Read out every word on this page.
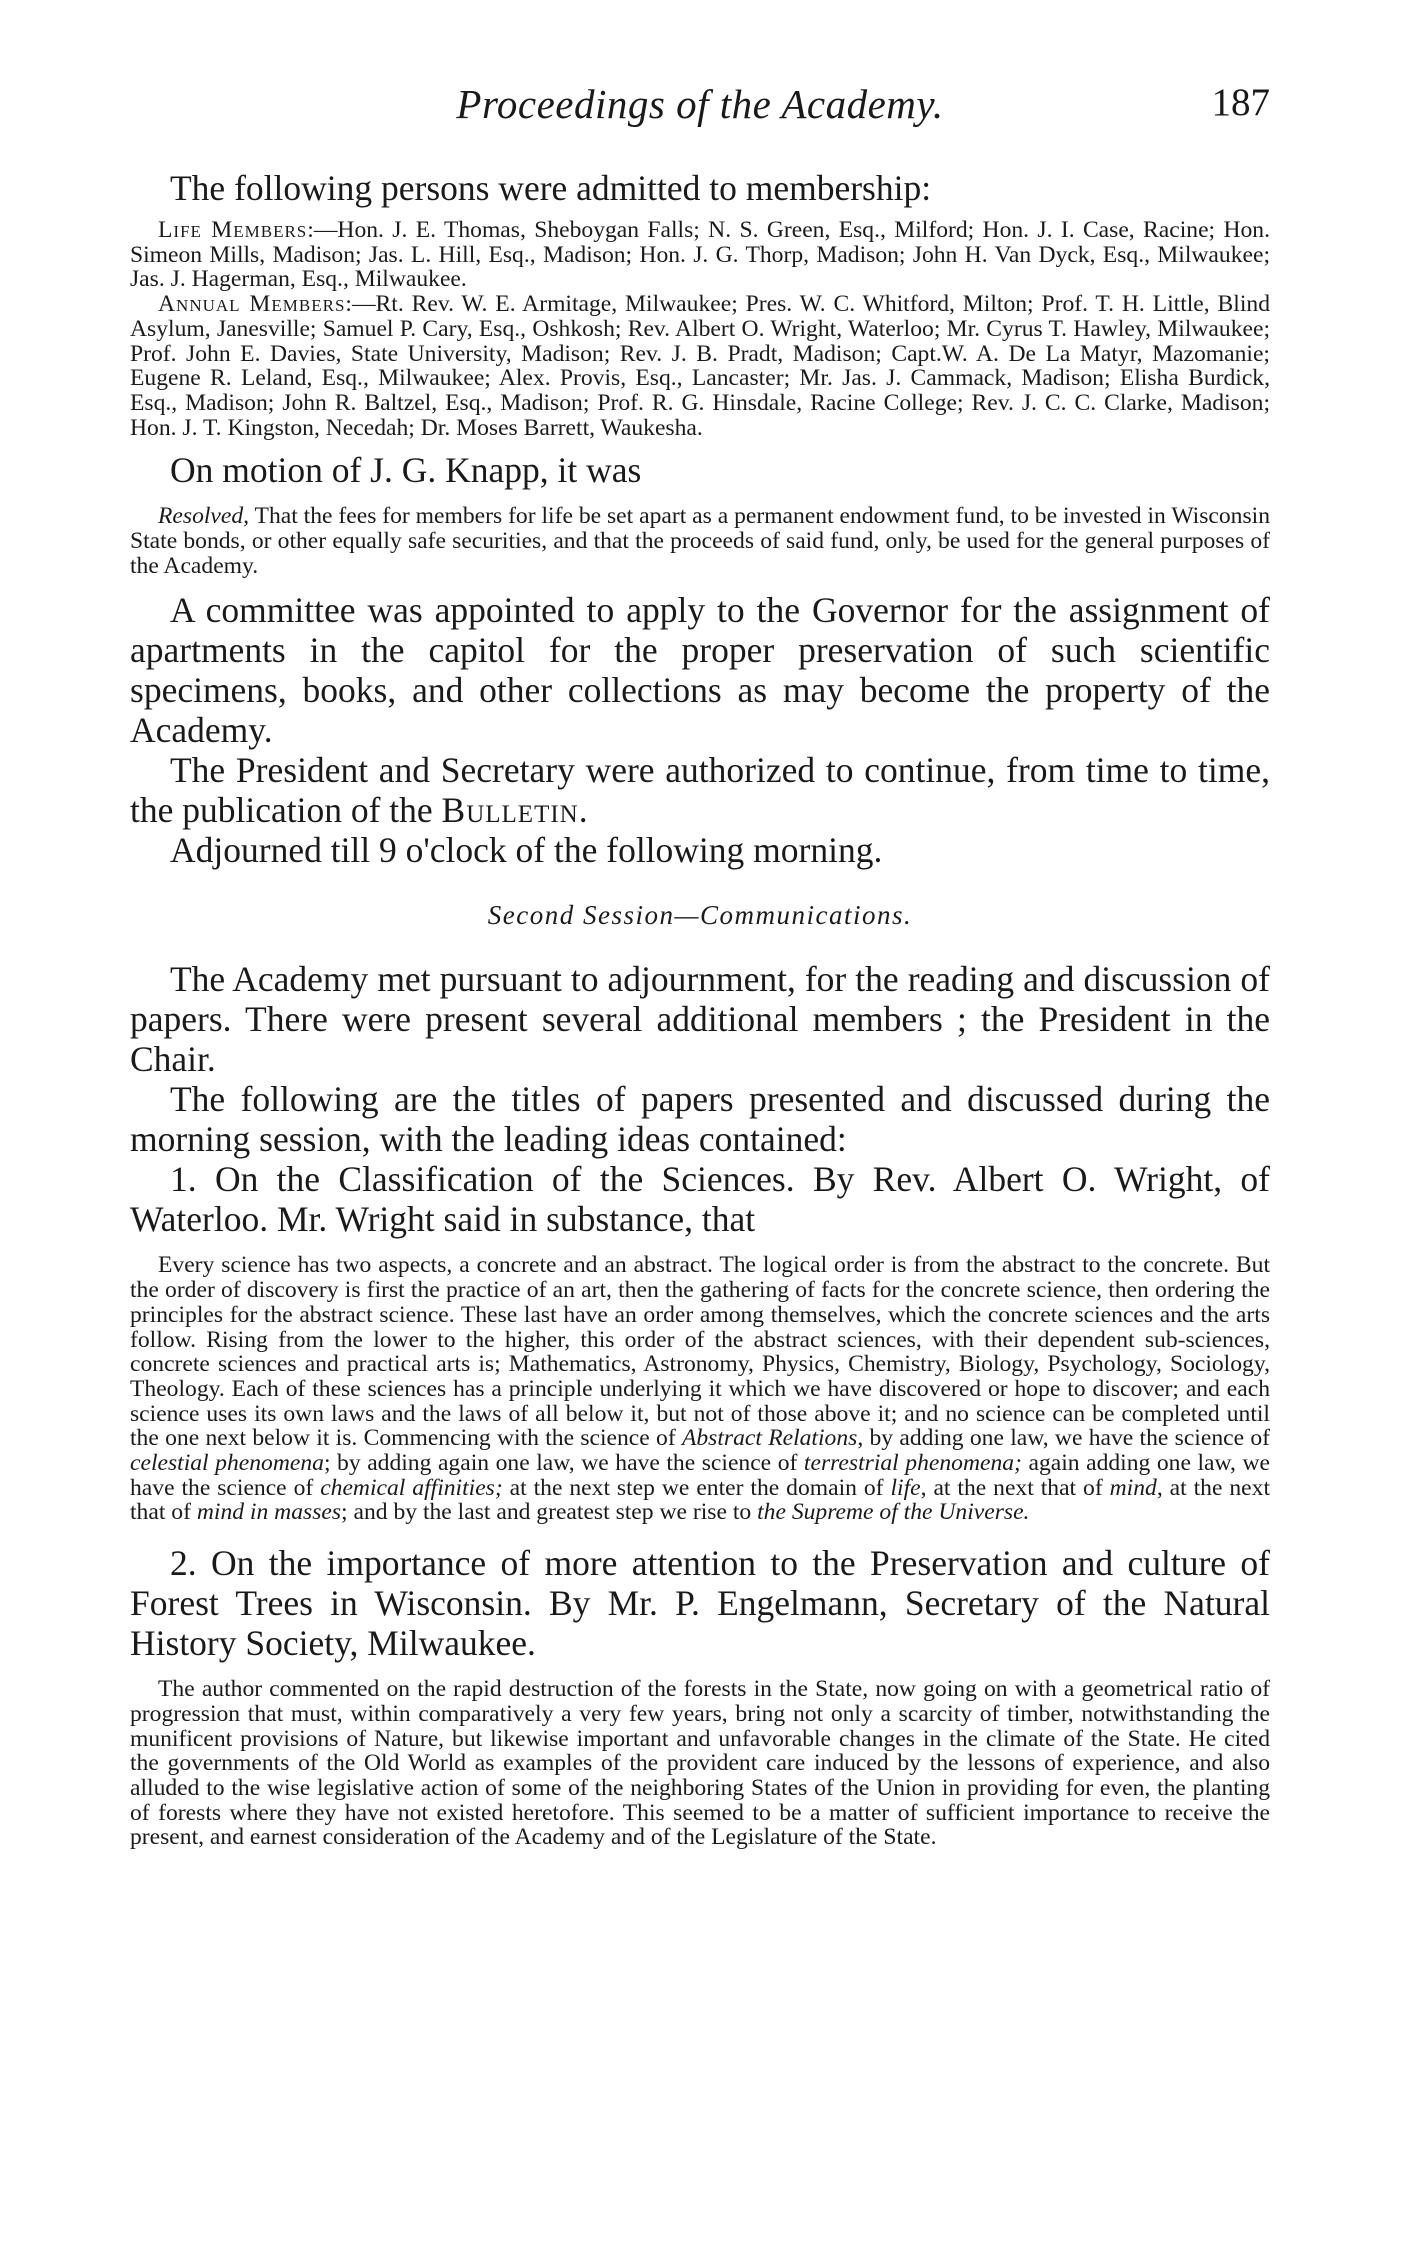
Proceedings of the Academy.	187

The following persons were admitted to membership:

Life Members:—Hon. J. E. Thomas, Sheboygan Falls; N. S. Green, Esq., Milford; Hon. J. I. Case, Racine; Hon. Simeon Mills, Madison; Jas. L. Hill, Esq., Madison; Hon. J. G. Thorp, Madison; John H. Van Dyck, Esq., Milwaukee; Jas. J. Hagerman, Esq., Milwaukee.

Annual Members:—Rt. Rev. W. E. Armitage, Milwaukee; Pres. W. C. Whitford, Milton; Prof. T. H. Little, Blind Asylum, Janesville; Samuel P. Cary, Esq., Oshkosh; Rev. Albert O. Wright, Waterloo; Mr. Cyrus T. Hawley, Milwaukee; Prof. John E. Davies, State University, Madison; Rev. J. B. Pradt, Madison; Capt.W. A. De La Matyr, Mazomanie; Eugene R. Leland, Esq., Milwaukee; Alex. Provis, Esq., Lancaster; Mr. Jas. J. Cammack, Madison; Elisha Burdick, Esq., Madison; John R. Baltzel, Esq., Madison; Prof. R. G. Hinsdale, Racine College; Rev. J. C. C. Clarke, Madison; Hon. J. T. Kingston, Necedah; Dr. Moses Barrett, Waukesha.

On motion of J. G. Knapp, it was

Resolved, That the fees for members for life be set apart as a permanent endowment fund, to be invested in Wisconsin State bonds, or other equally safe securities, and that the proceeds of said fund, only, be used for the general purposes of the Academy.

A committee was appointed to apply to the Governor for the assignment of apartments in the capitol for the proper preservation of such scientific specimens, books, and other collections as may become the property of the Academy.

The President and Secretary were authorized to continue, from time to time, the publication of the Bulletin.

Adjourned till 9 o'clock of the following morning.

Second Session—Communications.

The Academy met pursuant to adjournment, for the reading and discussion of papers. There were present several additional members ; the President in the Chair.

The following are the titles of papers presented and discussed during the morning session, with the leading ideas contained:

1. On the Classification of the Sciences. By Rev. Albert O. Wright, of Waterloo. Mr. Wright said in substance, that

Every science has two aspects, a concrete and an abstract. The logical order is from the abstract to the concrete. But the order of discovery is first the practice of an art, then the gathering of facts for the concrete science, then ordering the principles for the abstract science. These last have an order among themselves, which the concrete sciences and the arts follow. Rising from the lower to the higher, this order of the abstract sciences, with their dependent sub-sciences, concrete sciences and practical arts is; Mathematics, Astronomy, Physics, Chemistry, Biology, Psychology, Sociology, Theology. Each of these sciences has a principle underlying it which we have discovered or hope to discover; and each science uses its own laws and the laws of all below it, but not of those above it; and no science can be completed until the one next below it is. Commencing with the science of Abstract Relations, by adding one law, we have the science of celestial phenomena; by adding again one law, we have the science of terrestrial phenomena; again adding one law, we have the science of chemical affinities; at the next step we enter the domain of life, at the next that of mind, at the next that of mind in masses; and by the last and greatest step we rise to the Supreme of the Universe.

2. On the importance of more attention to the Preservation and culture of Forest Trees in Wisconsin. By Mr. P. Engelmann, Secretary of the Natural History Society, Milwaukee.

The author commented on the rapid destruction of the forests in the State, now going on with a geometrical ratio of progression that must, within comparatively a very few years, bring not only a scarcity of timber, notwithstanding the munificent provisions of Nature, but likewise important and unfavorable changes in the climate of the State. He cited the governments of the Old World as examples of the provident care induced by the lessons of experience, and also alluded to the wise legislative action of some of the neighboring States of the Union in providing for even, the planting of forests where they have not existed heretofore. This seemed to be a matter of sufficient importance to receive the present, and earnest consideration of the Academy and of the Legislature of the State.
